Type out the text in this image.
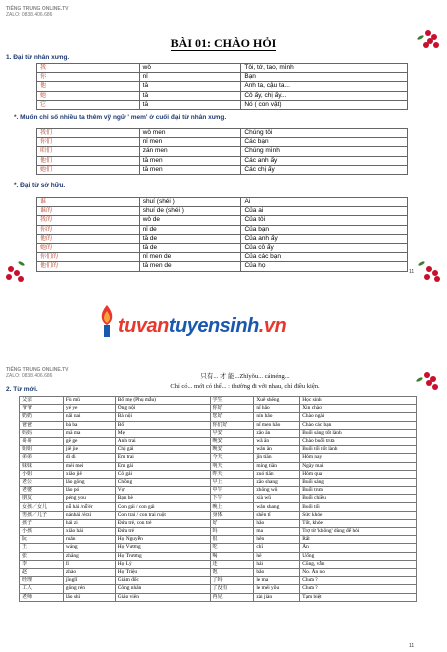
TIẾNG TRUNG ONLINE.TV
ZALO: 0838.406.686
BÀI 01: CHÀO HỎI
1. Đại từ nhân xưng.
我	wǒ	Tôi, tớ, tao, mình
你	nǐ	Bạn
他	tā	Anh ta, cậu ta...
她	tā	Cô ấy, chị ấy...
它	tā	Nó ( con vật)
*. Muốn chỉ số nhiều ta thêm vỹ ngữ ' mem' ở cuối đại từ nhân xưng.
我们	wǒ men	Chúng tôi
你们	nǐ men	Các bạn
咱们	zán men	Chúng mình
他们	tā men	Các anh ấy
她们	tā men	Các chị ấy
*. Đại từ sở hữu.
谁	shuí (shéi )	Ai
谁的	shuí de (shéi )	Của ai
我的	wǒ de	Của tôi
你的	nǐ de	Của bạn
他的	tā de	Của anh ấy
她的	tā de	Của cô ấy
你们的	nǐ men de	Của các bạn
他们的	tā men de	Của họ
11
tuvantuyensinh.vn
TIẾNG TRUNG ONLINE.TV
ZALO: 0838.406.686	只有... 才 能...Zhǐyǒu... cáinéng...
Chỉ có... mới có thể... : thường đi với nhau, chỉ điều kiện.
2. Từ mới.
父亲	Fù mǔ	Bố mẹ (Phụ mẫu)	学生	Xuě shēng	Học sinh
爷爷	yé ye	Ông nội	你好	nǐ hǎo	Xin chào
奶奶	nǎi nai	Bà nội	您好	nín hǎo	Chào ngài
爸爸	bà ba	Bố	你们好	nǐ men hǎo	Chào các bạn
妈妈	mā ma	Mẹ	早安	zǎo ān	Buổi sáng tốt lành
哥哥	gē ge	Anh trai	晚安	wǎ ān	Chào buổi trưa
姐姐	jiě jie	Chị gái	晚安	wǎn ān	Buổi tối tốt lành
弟弟	dì di	Em trai	今天	jīn tiān	Hôm nay
妹妹	mèi mei	Em gái	明天	míng tiān	Ngày mai
小姐	xiǎo jiě	Cô gái	昨天	zuó tiān	Hôm qua
老公	lǎo gōng	Chồng	早上	zǎo shang	Buổi sáng
老婆	lǎo pó	Vợ	中午	zhōng wǔ	Buổi trưa
朋友	péng you	Bạn bè	下午	xià wǔ	Buổi chiều
女孩／女儿	nǚ hái /nǚ'ér	Con gái / con gái	晚上	wǎn shang	Buổi tối
男孩／儿子	nánhái /érzi	Con trai / con trai ruột	身体	shēn tǐ	Sức khỏe
孩子	hái zi	Đứa trẻ, con trẻ	好	hǎo	Tốt, khỏe
小孩	xiǎo hái	Đứa trẻ	吗	ma	Trợ từ 'không' dùng để hỏi
阮	ruǎn	Họ Nguyễn	很	hěn	Rất
王	wáng	Họ Vương	吃	chī	Ăn
张	zhāng	Họ Trương	喝	hē	Uống
李	lǐ	Họ Lý	还	hái	Cũng, vẫn
赵	zhào	Họ Triệu	饱	bǎo	No. Ăn no
经理	jīnglǐ	Giám đốc	了吗	le ma	Chưa ?
工人	gōng rén	Công nhân	了没有	le méi yǒu	Chưa ?
老师	lǎo shī	Giáo viên	再见	zài jiàn	Tạm biệt
11
